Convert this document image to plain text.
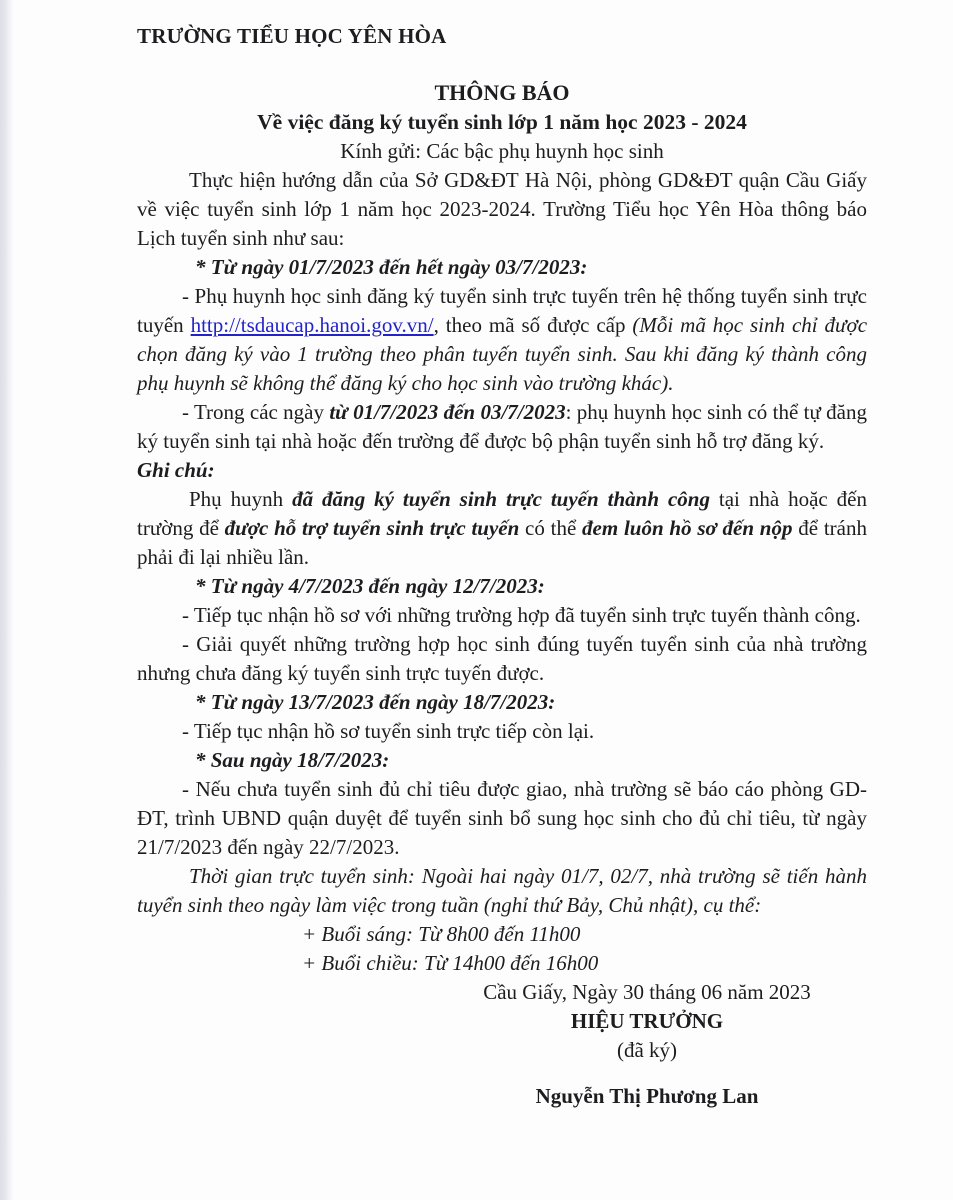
TRƯỜNG TIỂU HỌC YÊN HÒA
THÔNG BÁO
Về việc đăng ký tuyển sinh lớp 1 năm học 2023 - 2024
Kính gửi: Các bậc phụ huynh học sinh

Thực hiện hướng dẫn của Sở GD&ĐT Hà Nội, phòng GD&ĐT quận Cầu Giấy về việc tuyển sinh lớp 1 năm học 2023-2024. Trường Tiểu học Yên Hòa thông báo Lịch tuyển sinh như sau:

* Từ ngày 01/7/2023 đến hết ngày 03/7/2023:

- Phụ huynh học sinh đăng ký tuyển sinh trực tuyến trên hệ thống tuyển sinh trực tuyến http://tsdaucap.hanoi.gov.vn/, theo mã số được cấp (Mỗi mã học sinh chỉ được chọn đăng ký vào 1 trường theo phân tuyến tuyển sinh. Sau khi đăng ký thành công phụ huynh sẽ không thể đăng ký cho học sinh vào trường khác).

- Trong các ngày từ 01/7/2023 đến 03/7/2023: phụ huynh học sinh có thể tự đăng ký tuyển sinh tại nhà hoặc đến trường để được bộ phận tuyển sinh hỗ trợ đăng ký.

Ghi chú:

Phụ huynh đã đăng ký tuyển sinh trực tuyến thành công tại nhà hoặc đến trường để được hỗ trợ tuyển sinh trực tuyến có thể đem luôn hồ sơ đến nộp để tránh phải đi lại nhiều lần.

* Từ ngày 4/7/2023 đến ngày 12/7/2023:

- Tiếp tục nhận hồ sơ với những trường hợp đã tuyển sinh trực tuyến thành công.

- Giải quyết những trường hợp học sinh đúng tuyến tuyển sinh của nhà trường nhưng chưa đăng ký tuyển sinh trực tuyến được.

* Từ ngày 13/7/2023 đến ngày 18/7/2023:

- Tiếp tục nhận hồ sơ tuyển sinh trực tiếp còn lại.

* Sau ngày 18/7/2023:

- Nếu chưa tuyển sinh đủ chỉ tiêu được giao, nhà trường sẽ báo cáo phòng GD-ĐT, trình UBND quận duyệt để tuyển sinh bổ sung học sinh cho đủ chỉ tiêu, từ ngày 21/7/2023 đến ngày 22/7/2023.

Thời gian trực tuyển sinh: Ngoài hai ngày 01/7, 02/7, nhà trường sẽ tiến hành tuyển sinh theo ngày làm việc trong tuần (nghỉ thứ Bảy, Chủ nhật), cụ thể:

+ Buổi sáng: Từ 8h00 đến 11h00

+ Buổi chiều: Từ 14h00 đến 16h00

Cầu Giấy, Ngày 30 tháng 06 năm 2023
HIỆU TRƯỞNG
(đã ký)
Nguyễn Thị Phương Lan
